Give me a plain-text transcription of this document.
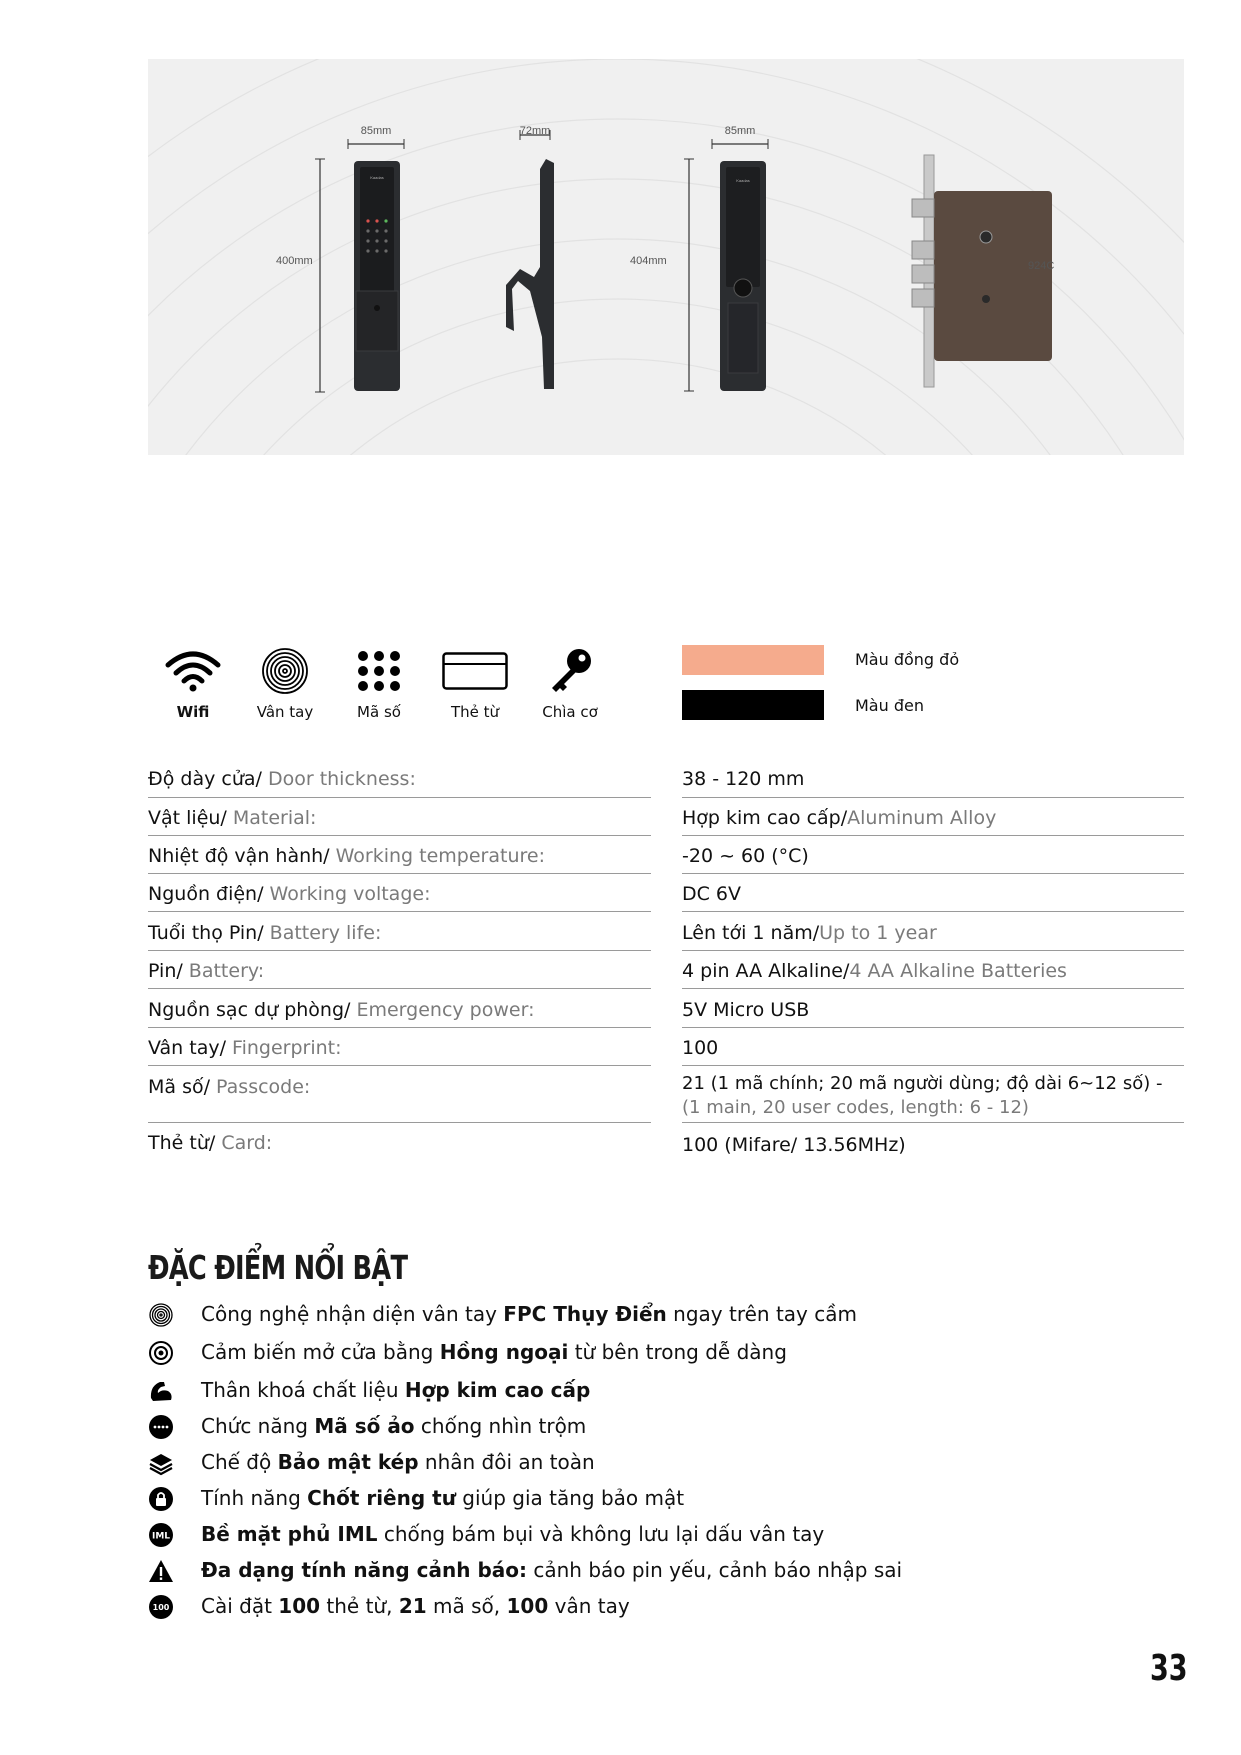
85mm
400mm
Kaadas
72mm	85mm
404mm
Kaadas
924C
Wifi	Vân tay	Mã số	Thẻ từ	Chìa cơ
Màu đồng đỏ
Màu đen
Độ dày cửa/ Door thickness:	38 - 120 mm
Vật liệu/ Material:	Hợp kim cao cấp/Aluminum Alloy
Nhiệt độ vận hành/ Working temperature:	-20 ~ 60 (°C)
Nguồn điện/ Working voltage:	DC 6V
Tuổi thọ Pin/ Battery life:	Lên tới 1 năm/Up to 1 year
Pin/ Battery:	4 pin AA Alkaline/4 AA Alkaline Batteries
Nguồn sạc dự phòng/ Emergency power:	5V Micro USB
Vân tay/ Fingerprint:	100
Mã số/ Passcode:	21 (1 mã chính; 20 mã người dùng; độ dài 6~12 số) - (1 main, 20 user codes, length: 6 - 12)
Thẻ từ/ Card:	100 (Mifare/ 13.56MHz)
ĐẶC ĐIỂM NỔI BẬT
Công nghệ nhận diện vân tay FPC Thụy Điển ngay trên tay cầm
Cảm biến mở cửa bằng Hồng ngoại từ bên trong dễ dàng
Thân khoá chất liệu Hợp kim cao cấp
Chức năng Mã số ảo chống nhìn trộm
Chế độ Bảo mật kép nhân đôi an toàn
Tính năng Chốt riêng tư giúp gia tăng bảo mật
IML Bề mặt phủ IML chống bám bụi và không lưu lại dấu vân tay
Đa dạng tính năng cảnh báo: cảnh báo pin yếu, cảnh báo nhập sai
100 Cài đặt 100 thẻ từ, 21 mã số, 100 vân tay
33
